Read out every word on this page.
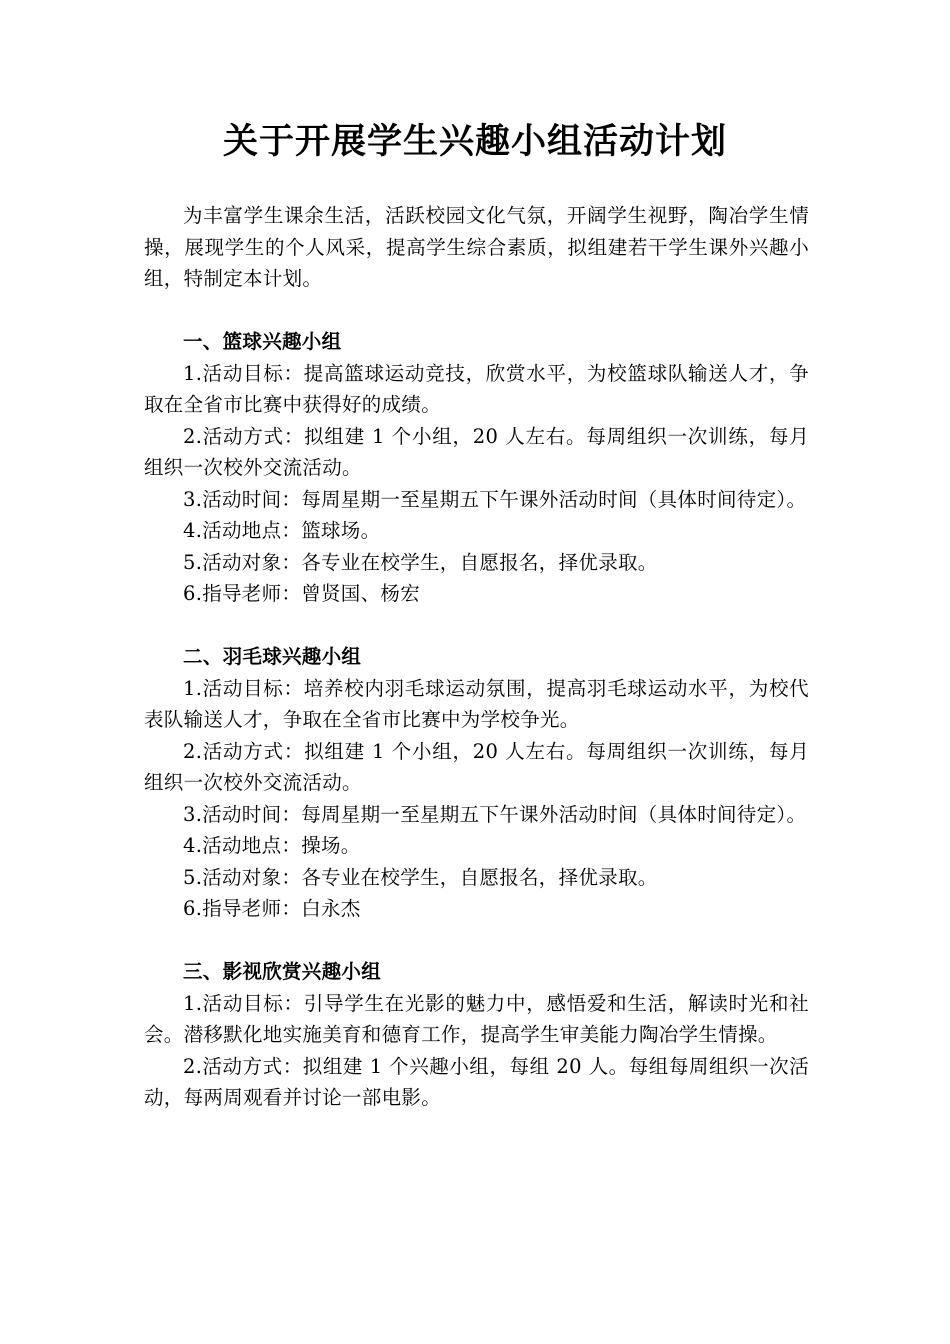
关于开展学生兴趣小组活动计划

为丰富学生课余生活，活跃校园文化气氛，开阔学生视野，陶冶学生情操，展现学生的个人风采，提高学生综合素质，拟组建若干学生课外兴趣小组，特制定本计划。

一、篮球兴趣小组

1.活动目标：提高篮球运动竞技，欣赏水平，为校篮球队输送人才，争取在全省市比赛中获得好的成绩。

2.活动方式：拟组建 1 个小组，20 人左右。每周组织一次训练，每月组织一次校外交流活动。

3.活动时间：每周星期一至星期五下午课外活动时间（具体时间待定）。

4.活动地点：篮球场。

5.活动对象：各专业在校学生，自愿报名，择优录取。

6.指导老师：曾贤国、杨宏

二、羽毛球兴趣小组

1.活动目标：培养校内羽毛球运动氛围，提高羽毛球运动水平，为校代表队输送人才，争取在全省市比赛中为学校争光。

2.活动方式：拟组建 1 个小组，20 人左右。每周组织一次训练，每月组织一次校外交流活动。

3.活动时间：每周星期一至星期五下午课外活动时间（具体时间待定）。

4.活动地点：操场。

5.活动对象：各专业在校学生，自愿报名，择优录取。

6.指导老师：白永杰

三、影视欣赏兴趣小组

1.活动目标：引导学生在光影的魅力中，感悟爱和生活，解读时光和社会。潜移默化地实施美育和德育工作，提高学生审美能力陶冶学生情操。

2.活动方式：拟组建 1 个兴趣小组，每组 20 人。每组每周组织一次活动，每两周观看并讨论一部电影。
